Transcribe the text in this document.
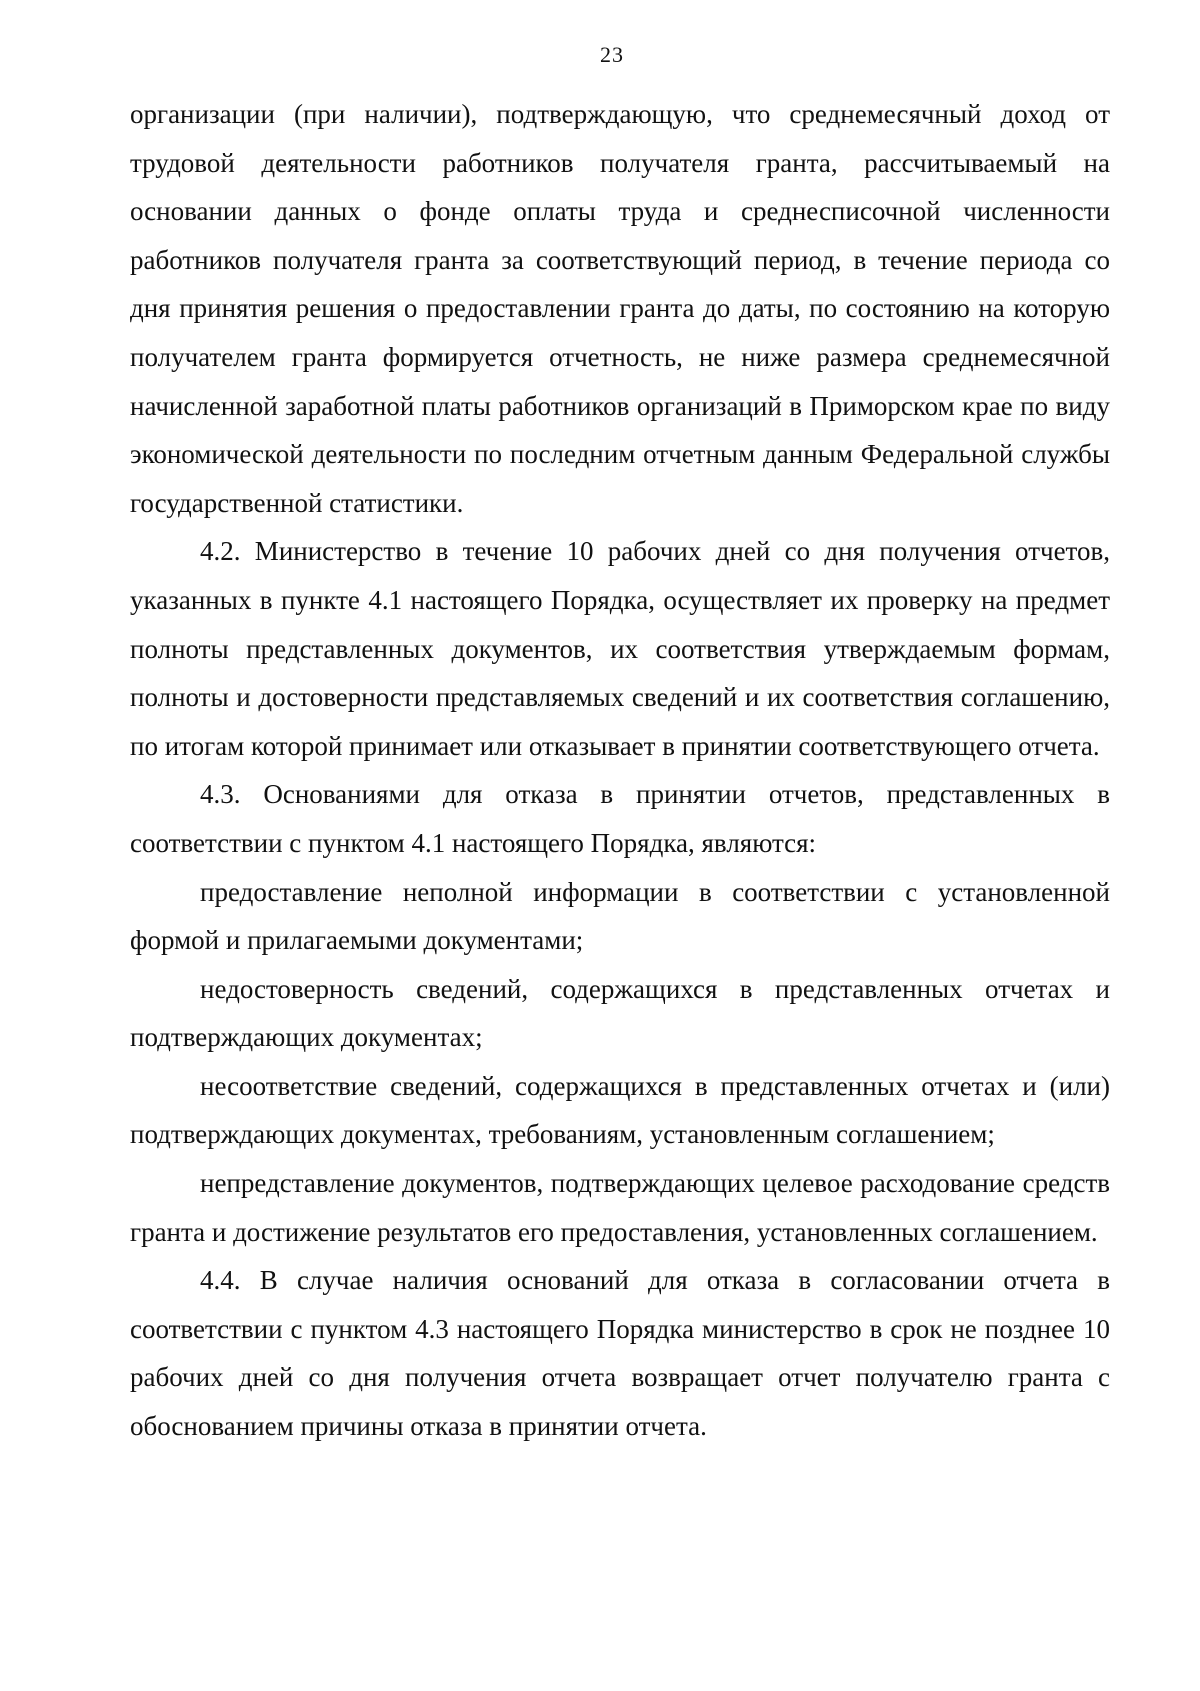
23

организации (при наличии), подтверждающую, что среднемесячный доход от трудовой деятельности работников получателя гранта, рассчитываемый на основании данных о фонде оплаты труда и среднесписочной численности работников получателя гранта за соответствующий период, в течение периода со дня принятия решения о предоставлении гранта до даты, по состоянию на которую получателем гранта формируется отчетность, не ниже размера среднемесячной начисленной заработной платы работников организаций в Приморском крае по виду экономической деятельности по последним отчетным данным Федеральной службы государственной статистики.

4.2. Министерство в течение 10 рабочих дней со дня получения отчетов, указанных в пункте 4.1 настоящего Порядка, осуществляет их проверку на предмет полноты представленных документов, их соответствия утверждаемым формам, полноты и достоверности представляемых сведений и их соответствия соглашению, по итогам которой принимает или отказывает в принятии соответствующего отчета.

4.3. Основаниями для отказа в принятии отчетов, представленных в соответствии с пунктом 4.1 настоящего Порядка, являются:

предоставление неполной информации в соответствии с установленной формой и прилагаемыми документами;

недостоверность сведений, содержащихся в представленных отчетах и подтверждающих документах;

несоответствие сведений, содержащихся в представленных отчетах и (или) подтверждающих документах, требованиям, установленным соглашением;

непредставление документов, подтверждающих целевое расходование средств гранта и достижение результатов его предоставления, установленных соглашением.

4.4. В случае наличия оснований для отказа в согласовании отчета в соответствии с пунктом 4.3 настоящего Порядка министерство в срок не позднее 10 рабочих дней со дня получения отчета возвращает отчет получателю гранта с обоснованием причины отказа в принятии отчета.
